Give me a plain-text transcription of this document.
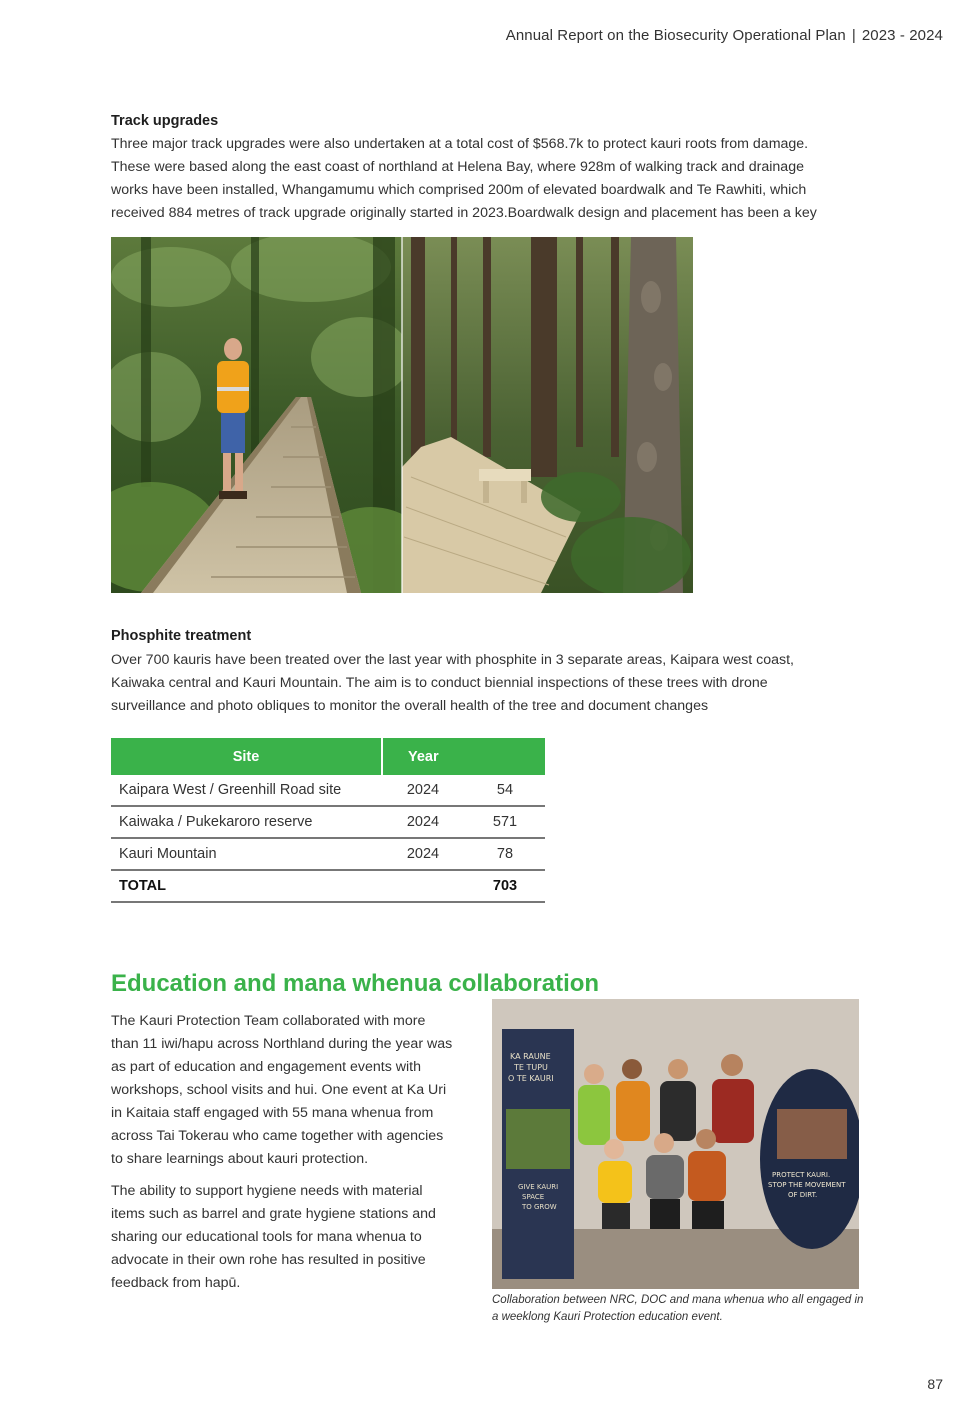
Annual Report on the Biosecurity Operational Plan | 2023 - 2024
Track upgrades
Three major track upgrades were also undertaken at a total cost of $568.7k to protect kauri roots from damage.
These were based along the east coast of northland at Helena Bay, where 928m of walking track and drainage
works have been installed, Whangamumu which comprised 200m of elevated boardwalk and Te Rawhiti, which
received 884 metres of track upgrade originally started in 2023.Boardwalk design and placement has been a key
Phosphite treatment
Over 700 kauris have been treated over the last year with phosphite in 3 separate areas, Kaipara west coast,
Kaiwaka central and Kauri Mountain. The aim is to conduct biennial inspections of these trees with drone
surveillance and photo obliques to monitor the overall health of the tree and document changes
Site	Year	
Kaipara West / Greenhill Road site	2024	54
Kaiwaka / Pukekaroro reserve	2024	571
Kauri Mountain	2024	78
TOTAL		703
Education and mana whenua collaboration
The Kauri Protection Team collaborated with more
than 11 iwi/hapu across Northland during the year was
as part of education and engagement events with
workshops, school visits and hui. One event at Ka Uri
in Kaitaia staff engaged with 55 mana whenua from
across Tai Tokerau who came together with agencies
to share learnings about kauri protection.
The ability to support hygiene needs with material
items such as barrel and grate hygiene stations and
sharing our educational tools for mana whenua to
advocate in their own rohe has resulted in positive
feedback from hapū.
KA RAUNE
TE TUPU
O TE KAURI
GIVE KAURI
SPACE
TO GROW
PROTECT KAURI.
STOP THE MOVEMENT
OF DIRT.
Collaboration between NRC, DOC and mana whenua who all engaged in
a weeklong Kauri Protection education event.
87
